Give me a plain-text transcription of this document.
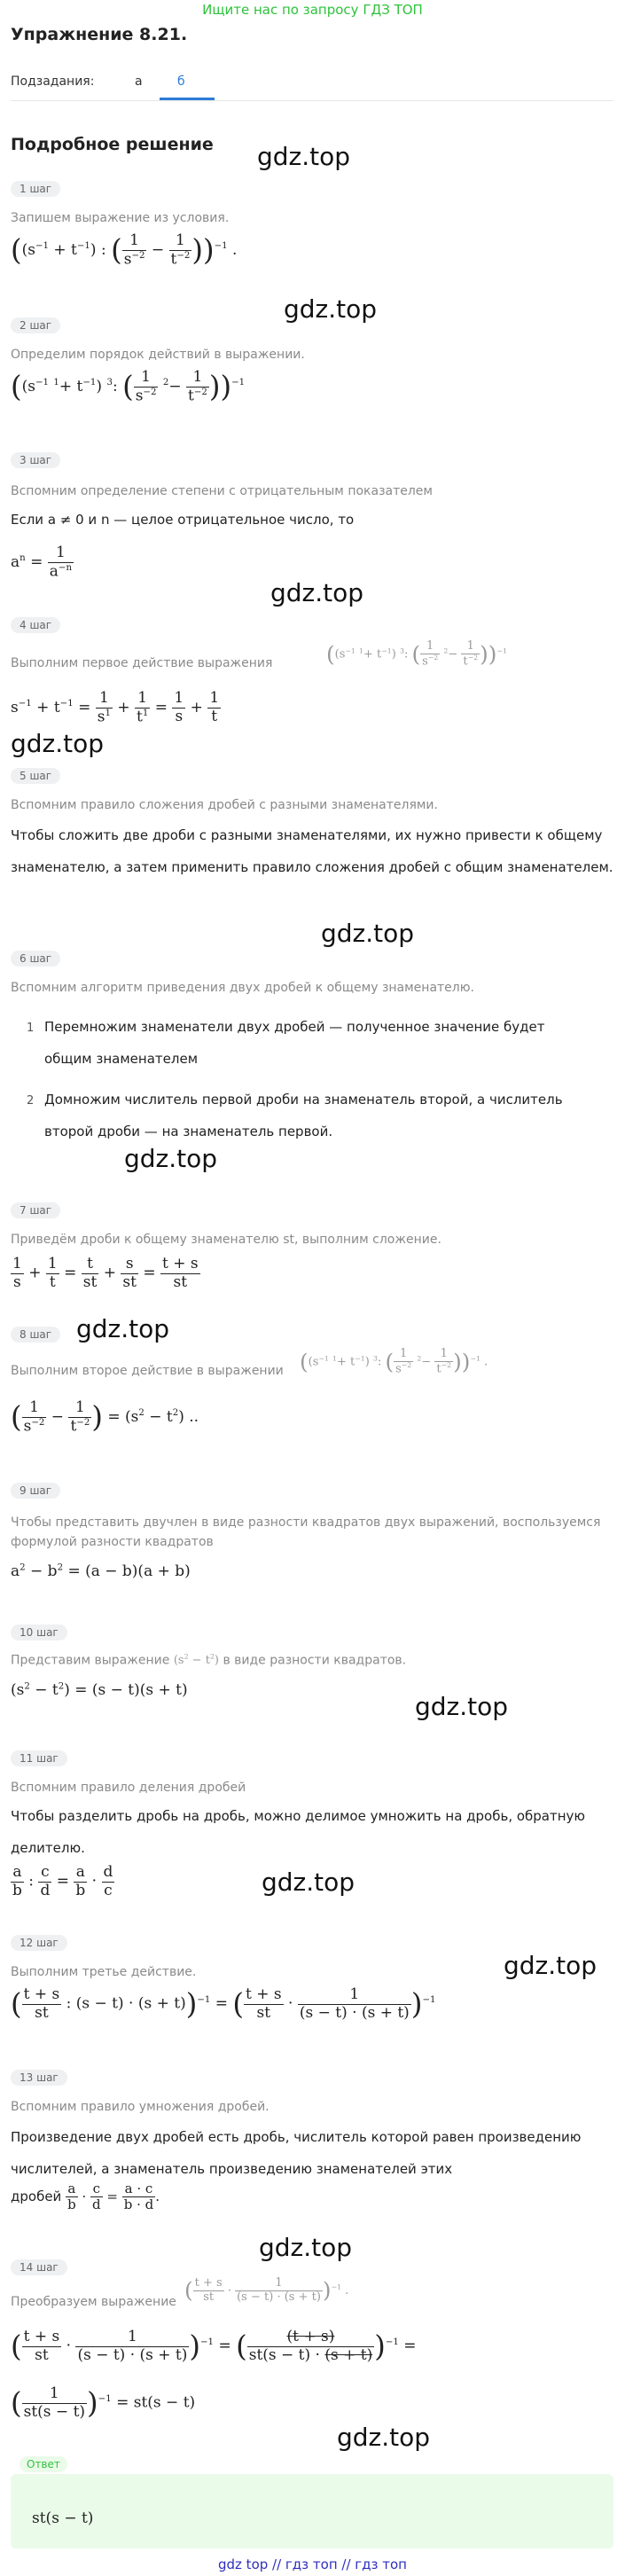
Ищите нас по запросу ГДЗ ТОП
Упражнение 8.21.
Подзадания:	а	б
Подробное решение gdz.top
gdz.top
gdz.top
gdz.top
gdz.top
gdz.top
gdz.top
gdz.top
gdz.top
gdz.top
gdz.top
gdz.top
1 шаг
Запишем выражение из условия.
($(s^{-1} + t^{-1})$ : ( $\frac{1}{s^{-2}} - \frac{1}{t^{-2}} ))^{-1}$ .
2 шаг
Определим порядок действий в выражении.
(($s^{-1}$ $^1+ t^{-1}$) $^3$: ( $\frac{1}{s^{-2}} ^2- \frac{1}{t^{-2}} ))^{-1}$
3 шаг
Вспомним определение степени с отрицательным показателем
Если a ≠ 0 и n — целое отрицательное число, то
$a^n = \frac{1}{a^{-n}}$
4 шаг
Выполним первое действие выражения (($s^{-1}$ $^1+ t^{-1}$) $^3$: ( $\frac{1}{s^{-2}} ^2- \frac{1}{t^{-2}} ))^{-1}$
$s^{-1} + t^{-1} = \frac{1}{s^1} + \frac{1}{t^1} = \frac{1}{s} + \frac{1}{t}$
5 шаг
Вспомним правило сложения дробей с разными знаменателями.
Чтобы сложить две дроби с разными знаменателями, их нужно привести к общему знаменателю, а затем применить правило сложения дробей с общим знаменателем.
6 шаг
Вспомним алгоритм приведения двух дробей к общему знаменателю.
1 Перемножим знаменатели двух дробей — полученное значение будет общим знаменателем
2 Домножим числитель первой дроби на знаменатель второй, а числитель второй дроби — на знаменатель первой.
7 шаг
Приведём дроби к общему знаменателю st, выполним сложение.
$\frac{1}{s} + \frac{1}{t} = \frac{t}{st} + \frac{s}{st} = \frac{t + s}{st}$
8 шаг
Выполним второе действие в выражении (($s^{-1}$ $^1+ t^{-1}$) $^3$: ( $\frac{1}{s^{-2}} ^2- \frac{1}{t^{-2}} ))^{-1}$ .
( $\frac{1}{s^{-2}} - \frac{1}{t^{-2}}$ ) = $(s^2 - t^2)$ ..
9 шаг
Чтобы представить двучлен в виде разности квадратов двух выражений, воспользуемся формулой разности квадратов
$a^2 - b^2 = (a - b)(a + b)$
10 шаг
Представим выражение $(s^2 - t^2)$ в виде разности квадратов.
$(s^2 - t^2) = (s - t)(s + t)$
11 шаг
Вспомним правило деления дробей
Чтобы разделить дробь на дробь, можно делимое умножить на дробь, обратную делителю.
$\frac{a}{b}$ : $\frac{c}{d} = \frac{a}{b} \cdot \frac{d}{c}$
12 шаг
Выполним третье действие.
( $\frac{t + s}{st}$ : (s − t) · (s + t))$^{-1}$ = ( $\frac{t + s}{st} \cdot \frac{1}{(s - t) \cdot (s + t)} )^{-1}$
13 шаг
Вспомним правило умножения дробей.
Произведение двух дробей есть дробь, числитель которой равен произведению числителей, а знаменатель произведению знаменателей этих
дробей $\frac{a}{b} \cdot \frac{c}{d} = \frac{a \cdot c}{b \cdot d}$ .
14 шаг
Преобразуем выражение ( $\frac{t + s}{st} \cdot \frac{1}{(s - t) \cdot (s + t)} )^{-1}$ .
( $\frac{t + s}{st} \cdot \frac{1}{(s - t) \cdot (s + t)} )^{-1}$ = ( $\frac{(t + s)}{st(s - t) \cdot (s + t)} )^{-1}$ =
( $\frac{1}{st(s - t)} )^{-1} = st(s - t)$
Ответ
st(s − t)
gdz top // гдз топ // гдз топ
